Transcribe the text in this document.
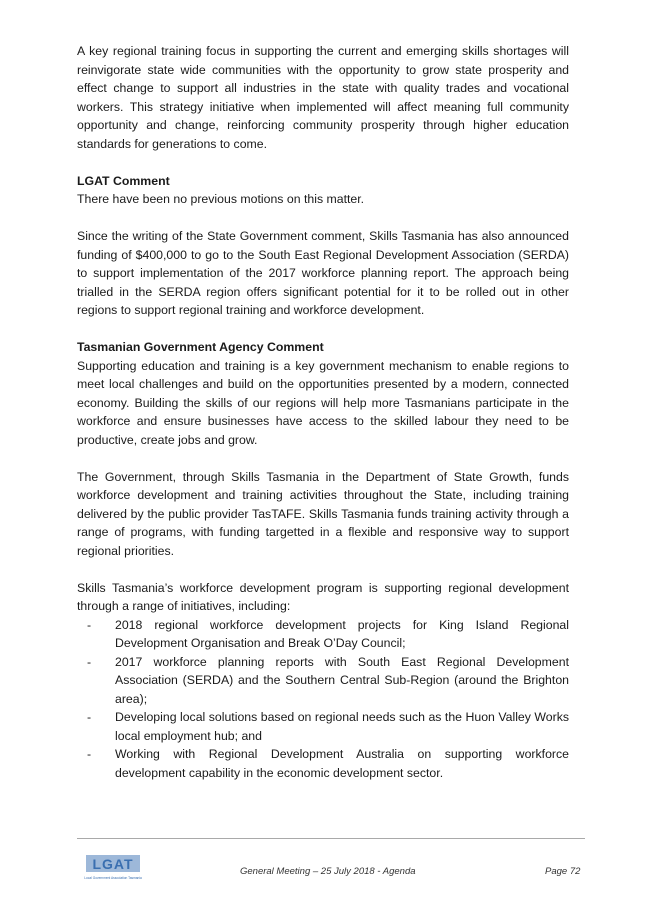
A key regional training focus in supporting the current and emerging skills shortages will reinvigorate state wide communities with the opportunity to grow state prosperity and effect change to support all industries in the state with quality trades and vocational workers. This strategy initiative when implemented will affect meaning full community opportunity and change, reinforcing community prosperity through higher education standards for generations to come.

LGAT Comment

There have been no previous motions on this matter.

Since the writing of the State Government comment, Skills Tasmania has also announced funding of $400,000 to go to the South East Regional Development Association (SERDA) to support implementation of the 2017 workforce planning report. The approach being trialled in the SERDA region offers significant potential for it to be rolled out in other regions to support regional training and workforce development.

Tasmanian Government Agency Comment

Supporting education and training is a key government mechanism to enable regions to meet local challenges and build on the opportunities presented by a modern, connected economy. Building the skills of our regions will help more Tasmanians participate in the workforce and ensure businesses have access to the skilled labour they need to be productive, create jobs and grow.

The Government, through Skills Tasmania in the Department of State Growth, funds workforce development and training activities throughout the State, including training delivered by the public provider TasTAFE. Skills Tasmania funds training activity through a range of programs, with funding targetted in a flexible and responsive way to support regional priorities.

Skills Tasmania’s workforce development program is supporting regional development through a range of initiatives, including:

- 2018 regional workforce development projects for King Island Regional Development Organisation and Break O’Day Council;
- 2017 workforce planning reports with South East Regional Development Association (SERDA) and the Southern Central Sub-Region (around the Brighton area);
- Developing local solutions based on regional needs such as the Huon Valley Works local employment hub; and
- Working with Regional Development Australia on supporting workforce development capability in the economic development sector.
LGAT
Local Government Association Tasmania
General Meeting – 25 July 2018 - Agenda	Page 72
